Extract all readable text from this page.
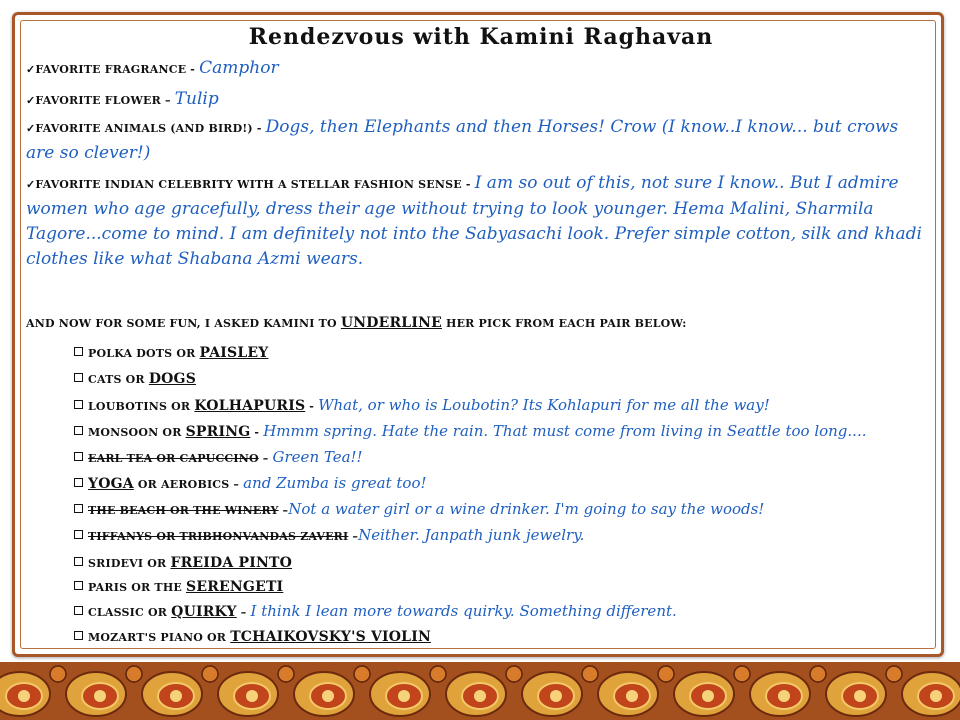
Rendezvous with Kamini Raghavan

✓FAVORITE FRAGRANCE - Camphor

✓FAVORITE FLOWER – Tulip

✓FAVORITE ANIMALS (AND BIRD!) - Dogs, then Elephants and then Horses! Crow (I know..I know... but crows are so clever!)

✓FAVORITE INDIAN CELEBRITY WITH A STELLAR FASHION SENSE - I am so out of this, not sure I know.. But I admire women who age gracefully, dress their age without trying to look younger. Hema Malini, Sharmila Tagore...come to mind. I am definitely not into the Sabyasachi look. Prefer simple cotton, silk and khadi clothes like what Shabana Azmi wears.

AND NOW FOR SOME FUN, I ASKED KAMINI TO UNDERLINE HER PICK FROM EACH PAIR BELOW:
POLKA DOTS OR PAISLEY
CATS OR DOGS
LOUBOTINS OR KOLHAPURIS - What, or who is Loubotin? Its Kohlapuri for me all the way!
MONSOON OR SPRING - Hmmm spring. Hate the rain. That must come from living in Seattle too long....
EARL TEA OR CAPUCCINO – Green Tea!!
YOGA OR AEROBICS – and Zumba is great too!
THE BEACH OR THE WINERY –Not a water girl or a wine drinker. I'm going to say the woods!
TIFFANYS OR TRIBHONVANDAS ZAVERI –Neither. Janpath junk jewelry.
SRIDEVI OR FREIDA PINTO
PARIS OR THE SERENGETI
CLASSIC OR QUIRKY – I think I lean more towards quirky. Something different.
MOZART'S PIANO OR TCHAIKOVSKY'S VIOLIN
